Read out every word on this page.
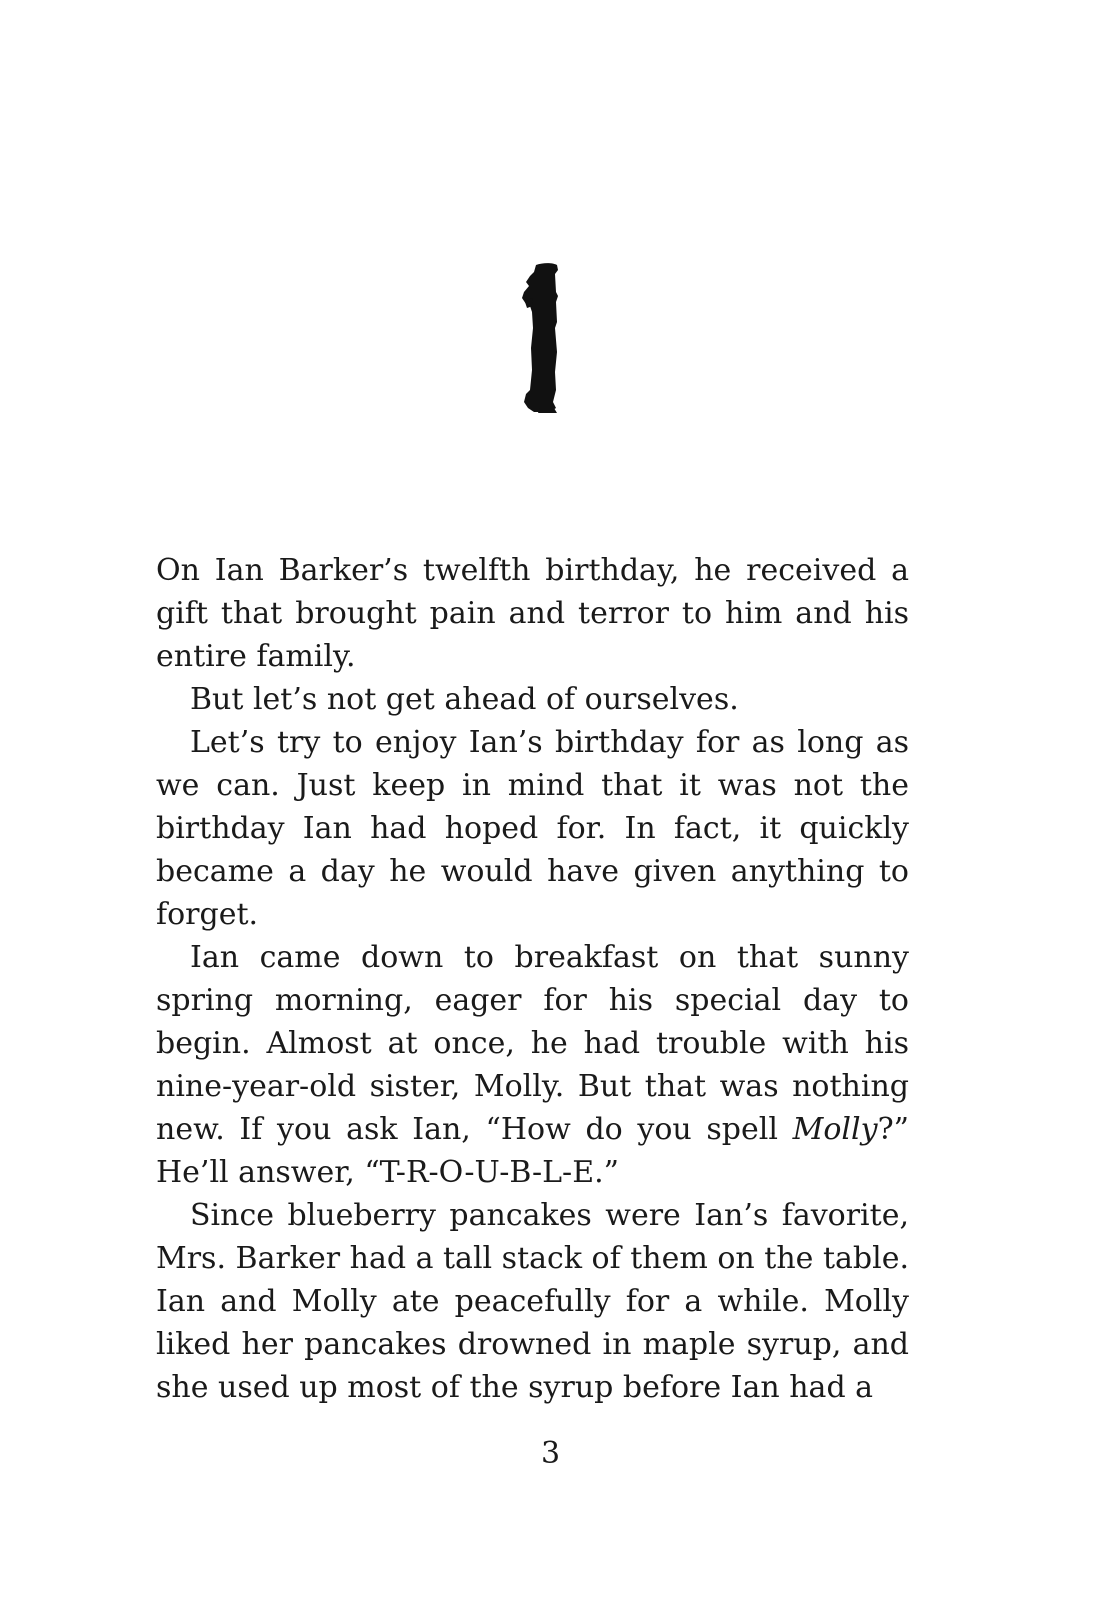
On Ian Barker’s twelfth birthday, he received a gift that brought pain and terror to him and his entire family.

But let’s not get ahead of ourselves.

Let’s try to enjoy Ian’s birthday for as long as we can. Just keep in mind that it was not the birthday Ian had hoped for. In fact, it quickly became a day he would have given anything to forget.

Ian came down to breakfast on that sunny spring morning, eager for his special day to begin. Almost at once, he had trouble with his nine-year-old sister, Molly. But that was nothing new. If you ask Ian, “How do you spell Molly?” He’ll answer, “T-R-O-U-B-L-E.”

Since blueberry pancakes were Ian’s favorite, Mrs. Barker had a tall stack of them on the table. Ian and Molly ate peacefully for a while. Molly liked her pancakes drowned in maple syrup, and she used up most of the syrup before Ian had a

3
